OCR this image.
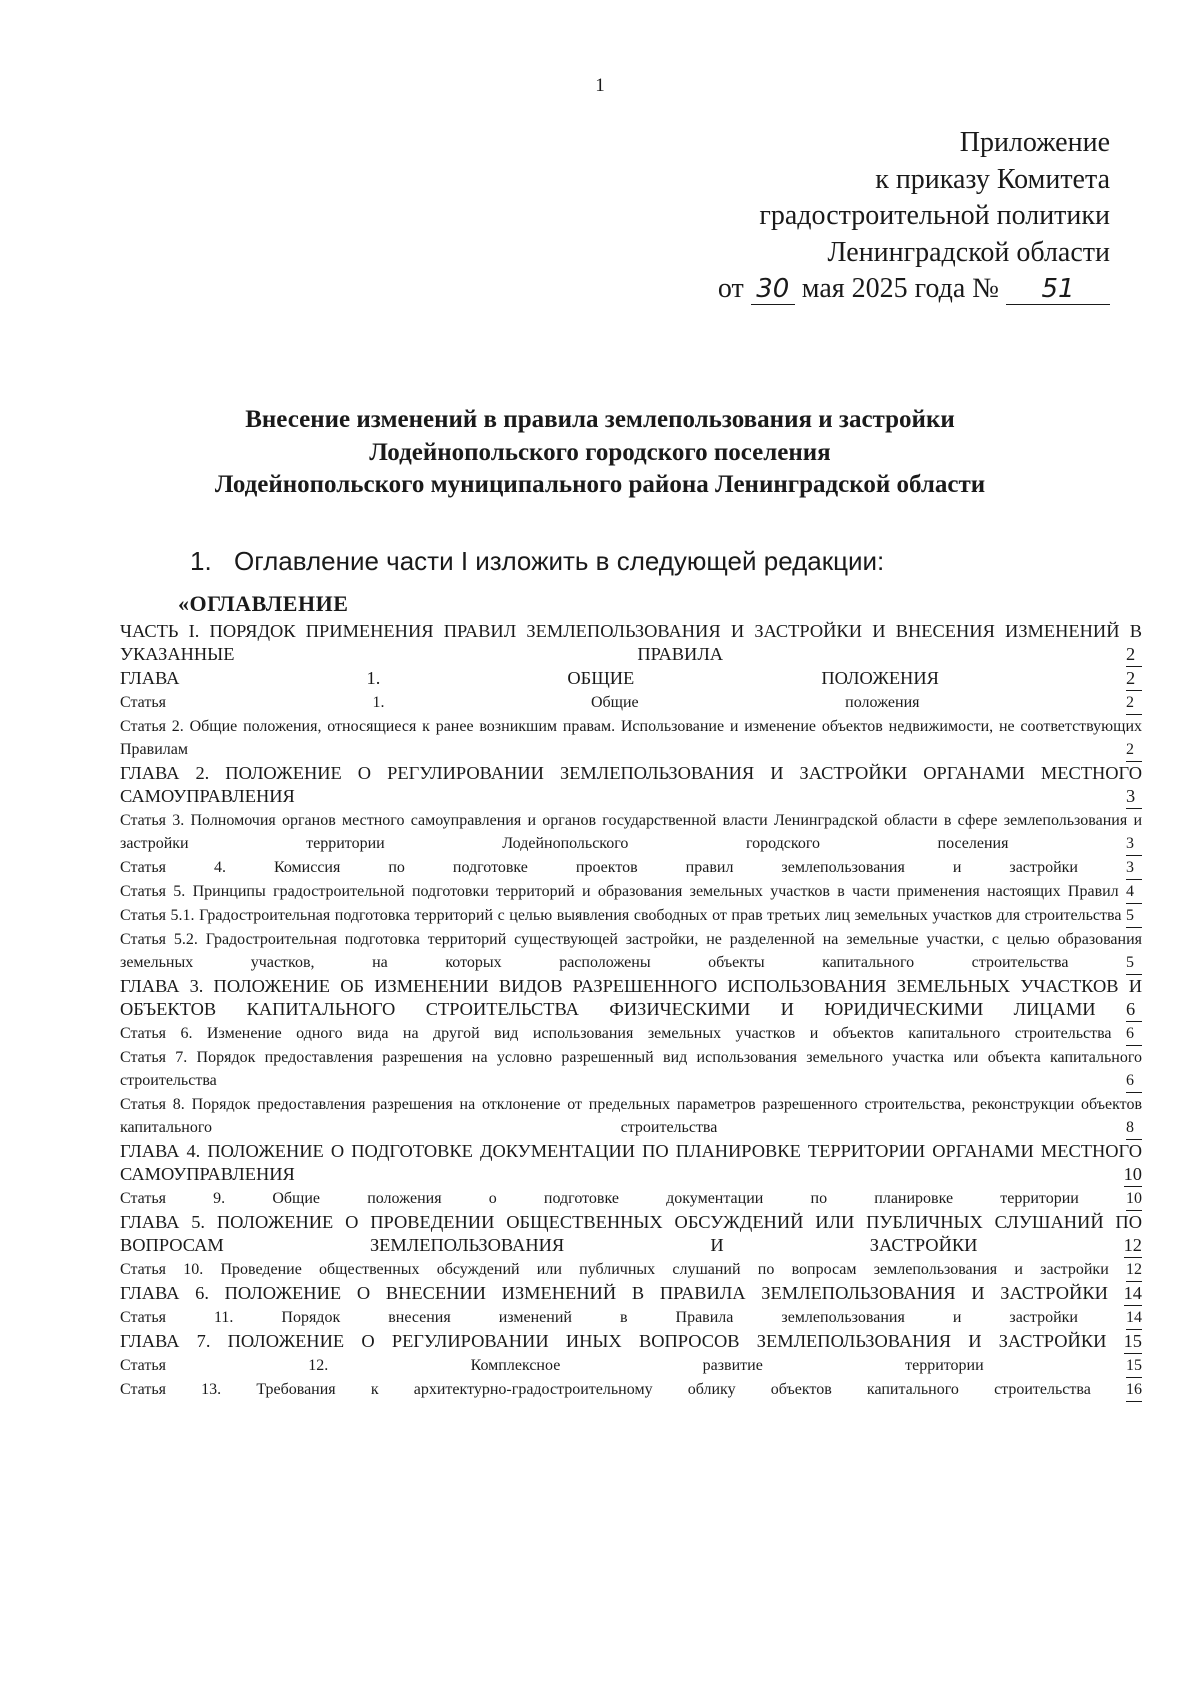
1
Приложение
к приказу Комитета
градостроительной политики
Ленинградской области
от 30 мая 2025 года № 51
Внесение изменений в правила землепользования и застройки
Лодейнопольского городского поселения
Лодейнопольского муниципального района Ленинградской области
1. Оглавление части I изложить в следующей редакции:
«ОГЛАВЛЕНИЕ
ЧАСТЬ I. ПОРЯДОК ПРИМЕНЕНИЯ ПРАВИЛ ЗЕМЛЕПОЛЬЗОВАНИЯ И ЗАСТРОЙКИ И ВНЕСЕНИЯ ИЗМЕНЕНИЙ В УКАЗАННЫЕ ПРАВИЛА	2
ГЛАВА 1. ОБЩИЕ ПОЛОЖЕНИЯ	2
Статья 1. Общие положения	2
Статья 2. Общие положения, относящиеся к ранее возникшим правам. Использование и изменение объектов недвижимости, не соответствующих Правилам	2
ГЛАВА 2. ПОЛОЖЕНИЕ О РЕГУЛИРОВАНИИ ЗЕМЛЕПОЛЬЗОВАНИЯ И ЗАСТРОЙКИ ОРГАНАМИ МЕСТНОГО САМОУПРАВЛЕНИЯ	3
Статья 3. Полномочия органов местного самоуправления и органов государственной власти Ленинградской области в сфере землепользования и застройки территории Лодейнопольского городского поселения	3
Статья 4. Комиссия по подготовке проектов правил землепользования и застройки	3
Статья 5. Принципы градостроительной подготовки территорий и образования земельных участков в части применения настоящих Правил 4
Статья 5.1. Градостроительная подготовка территорий с целью выявления свободных от прав третьих лиц земельных участков для строительства 5
Статья 5.2. Градостроительная подготовка территорий существующей застройки, не разделенной на земельные участки, с целью образования земельных участков, на которых расположены объекты капитального строительства	5
ГЛАВА 3. ПОЛОЖЕНИЕ ОБ ИЗМЕНЕНИИ ВИДОВ РАЗРЕШЕННОГО ИСПОЛЬЗОВАНИЯ ЗЕМЕЛЬНЫХ УЧАСТКОВ И ОБЪЕКТОВ КАПИТАЛЬНОГО СТРОИТЕЛЬСТВА ФИЗИЧЕСКИМИ И ЮРИДИЧЕСКИМИ ЛИЦАМИ 6
Статья 6. Изменение одного вида на другой вид использования земельных участков и объектов капитального строительства 6
Статья 7. Порядок предоставления разрешения на условно разрешенный вид использования земельного участка или объекта капитального строительства	6
Статья 8. Порядок предоставления разрешения на отклонение от предельных параметров разрешенного строительства, реконструкции объектов капитального строительства	8
ГЛАВА 4. ПОЛОЖЕНИЕ О ПОДГОТОВКЕ ДОКУМЕНТАЦИИ ПО ПЛАНИРОВКЕ ТЕРРИТОРИИ ОРГАНАМИ МЕСТНОГО САМОУПРАВЛЕНИЯ	10
Статья 9. Общие положения о подготовке документации по планировке территории	10
ГЛАВА 5. ПОЛОЖЕНИЕ О ПРОВЕДЕНИИ ОБЩЕСТВЕННЫХ ОБСУЖДЕНИЙ ИЛИ ПУБЛИЧНЫХ СЛУШАНИЙ ПО ВОПРОСАМ ЗЕМЛЕПОЛЬЗОВАНИЯ И ЗАСТРОЙКИ	12
Статья 10. Проведение общественных обсуждений или публичных слушаний по вопросам землепользования и застройки 12
ГЛАВА 6. ПОЛОЖЕНИЕ О ВНЕСЕНИИ ИЗМЕНЕНИЙ В ПРАВИЛА ЗЕМЛЕПОЛЬЗОВАНИЯ И ЗАСТРОЙКИ 14
Статья 11. Порядок внесения изменений в Правила землепользования и застройки	14
ГЛАВА 7. ПОЛОЖЕНИЕ О РЕГУЛИРОВАНИИ ИНЫХ ВОПРОСОВ ЗЕМЛЕПОЛЬЗОВАНИЯ И ЗАСТРОЙКИ 15
Статья 12. Комплексное развитие территории	15
Статья 13. Требования к архитектурно-градостроительному облику объектов капитального строительства 16
